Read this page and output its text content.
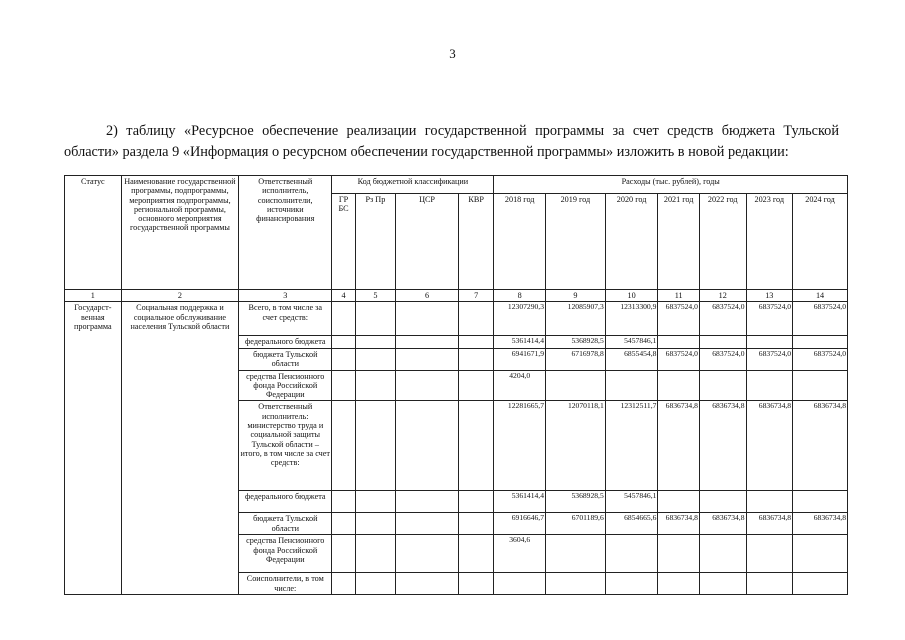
3

2) таблицу «Ресурсное обеспечение реализации государственной программы за счет средств бюджета Тульской области» раздела 9 «Информация о ресурсном обеспечении государственной программы» изложить в новой редакции:

Статус	Наименование государственной программы, подпрограммы, мероприятия подпрограммы, региональной программы, основного мероприятия государственной программы	Ответственный исполнитель, соисполнители, источники финансирования	Код бюджетной классификации				Расходы (тыс. рублей), годы						
			ГР БС	Рз Пр	ЦСР	КВР	2018 год	2019 год	2020 год	2021 год	2022 год	2023 год	2024 год
1	2	3	4	5	6	7	8	9	10	11	12	13	14
Государст-венная программа	Социальная поддержка и социальное обслуживание населения Тульской области	Всего, в том числе за счет средств:					12307290,3	12085907,3	12313300,9	6837524,0	6837524,0	6837524,0	6837524,0
		федерального бюджета					5361414,4	5368928,5	5457846,1				
		бюджета Тульской области					6941671,9	6716978,8	6855454,8	6837524,0	6837524,0	6837524,0	6837524,0
		средства Пенсионного фонда Российской Федерации					4204,0						
		Ответственный исполнитель: министерство труда и социальной защиты Тульской области – итого, в том числе за счет средств:					12281665,7	12070118,1	12312511,7	6836734,8	6836734,8	6836734,8	6836734,8
		федерального бюджета					5361414,4	5368928,5	5457846,1				
		бюджета Тульской области					6916646,7	6701189,6	6854665,6	6836734,8	6836734,8	6836734,8	6836734,8
		средства Пенсионного фонда Российской Федерации					3604,6						
		Соисполнители, в том числе:											
